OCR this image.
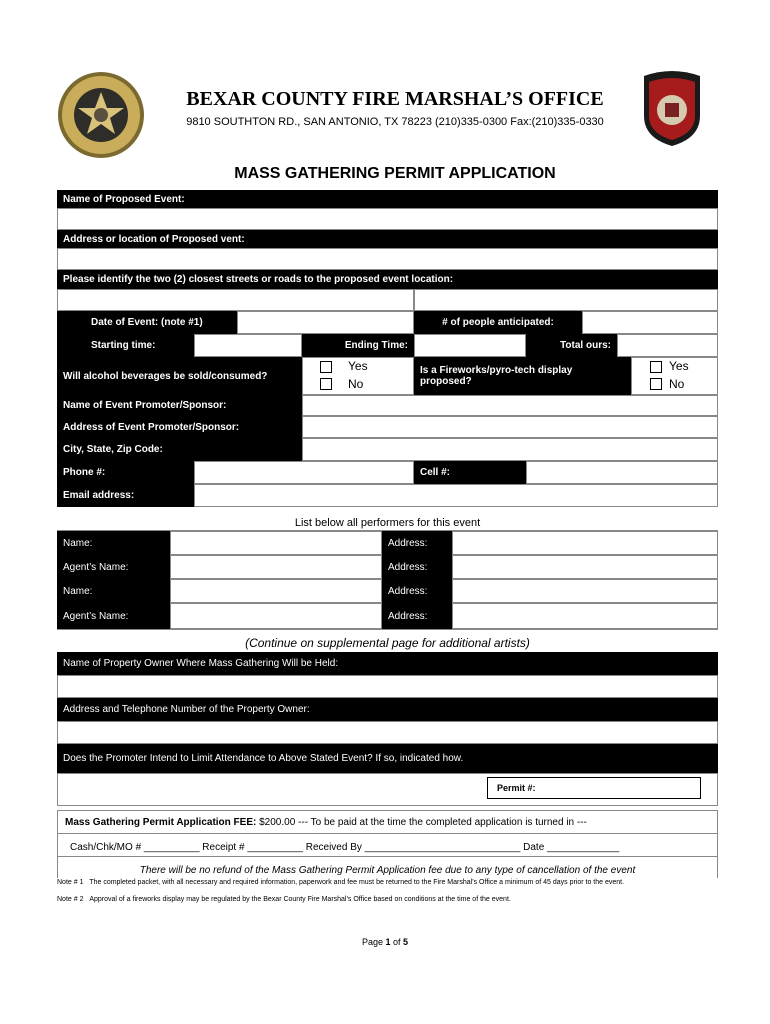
BEXAR COUNTY FIRE MARSHAL’S OFFICE
9810 SOUTHTON RD., SAN ANTONIO, TX 78223 (210)335-0300 Fax:(210)335-0330
MASS GATHERING PERMIT APPLICATION
Name of Proposed Event:
Address or location of Proposed vent:
Please identify the two (2) closest streets or roads to the proposed event location:
Date of Event: (note #1)	# of people anticipated:
Starting time:	Ending Time:	Total ours:
Will alcohol beverages be sold/consumed?
Yes
No
Is a Fireworks/pyro-tech display proposed?
Yes
No
Name of Event Promoter/Sponsor:
Address of Event Promoter/Sponsor:
City, State, Zip Code:
Phone #:	Cell #:
Email address:
List below all performers for this event
Name:	Address:
Agent’s Name:	Address:
Name:	Address:
Agent’s Name:	Address:
(Continue on supplemental page for additional artists)
Name of Property Owner Where Mass Gathering Will be Held:
Address and Telephone Number of the Property Owner:
Does the Promoter Intend to Limit Attendance to Above Stated Event? If so, indicated how.
Permit #:
Mass Gathering Permit Application FEE: $200.00 --- To be paid at the time the completed application is turned in ---
Cash/Chk/MO # __________ Receipt # __________ Received By ____________________________ Date _____________
There will be no refund of the Mass Gathering Permit Application fee due to any type of cancellation of the event
Note # 1 The completed packet, with all necessary and required information, paperwork and fee must be returned to the Fire Marshal’s Office a minimum of 45 days prior to the event.
Note # 2 Approval of a fireworks display may be regulated by the Bexar County Fire Marshal’s Office based on conditions at the time of the event.
Page 1 of 5
